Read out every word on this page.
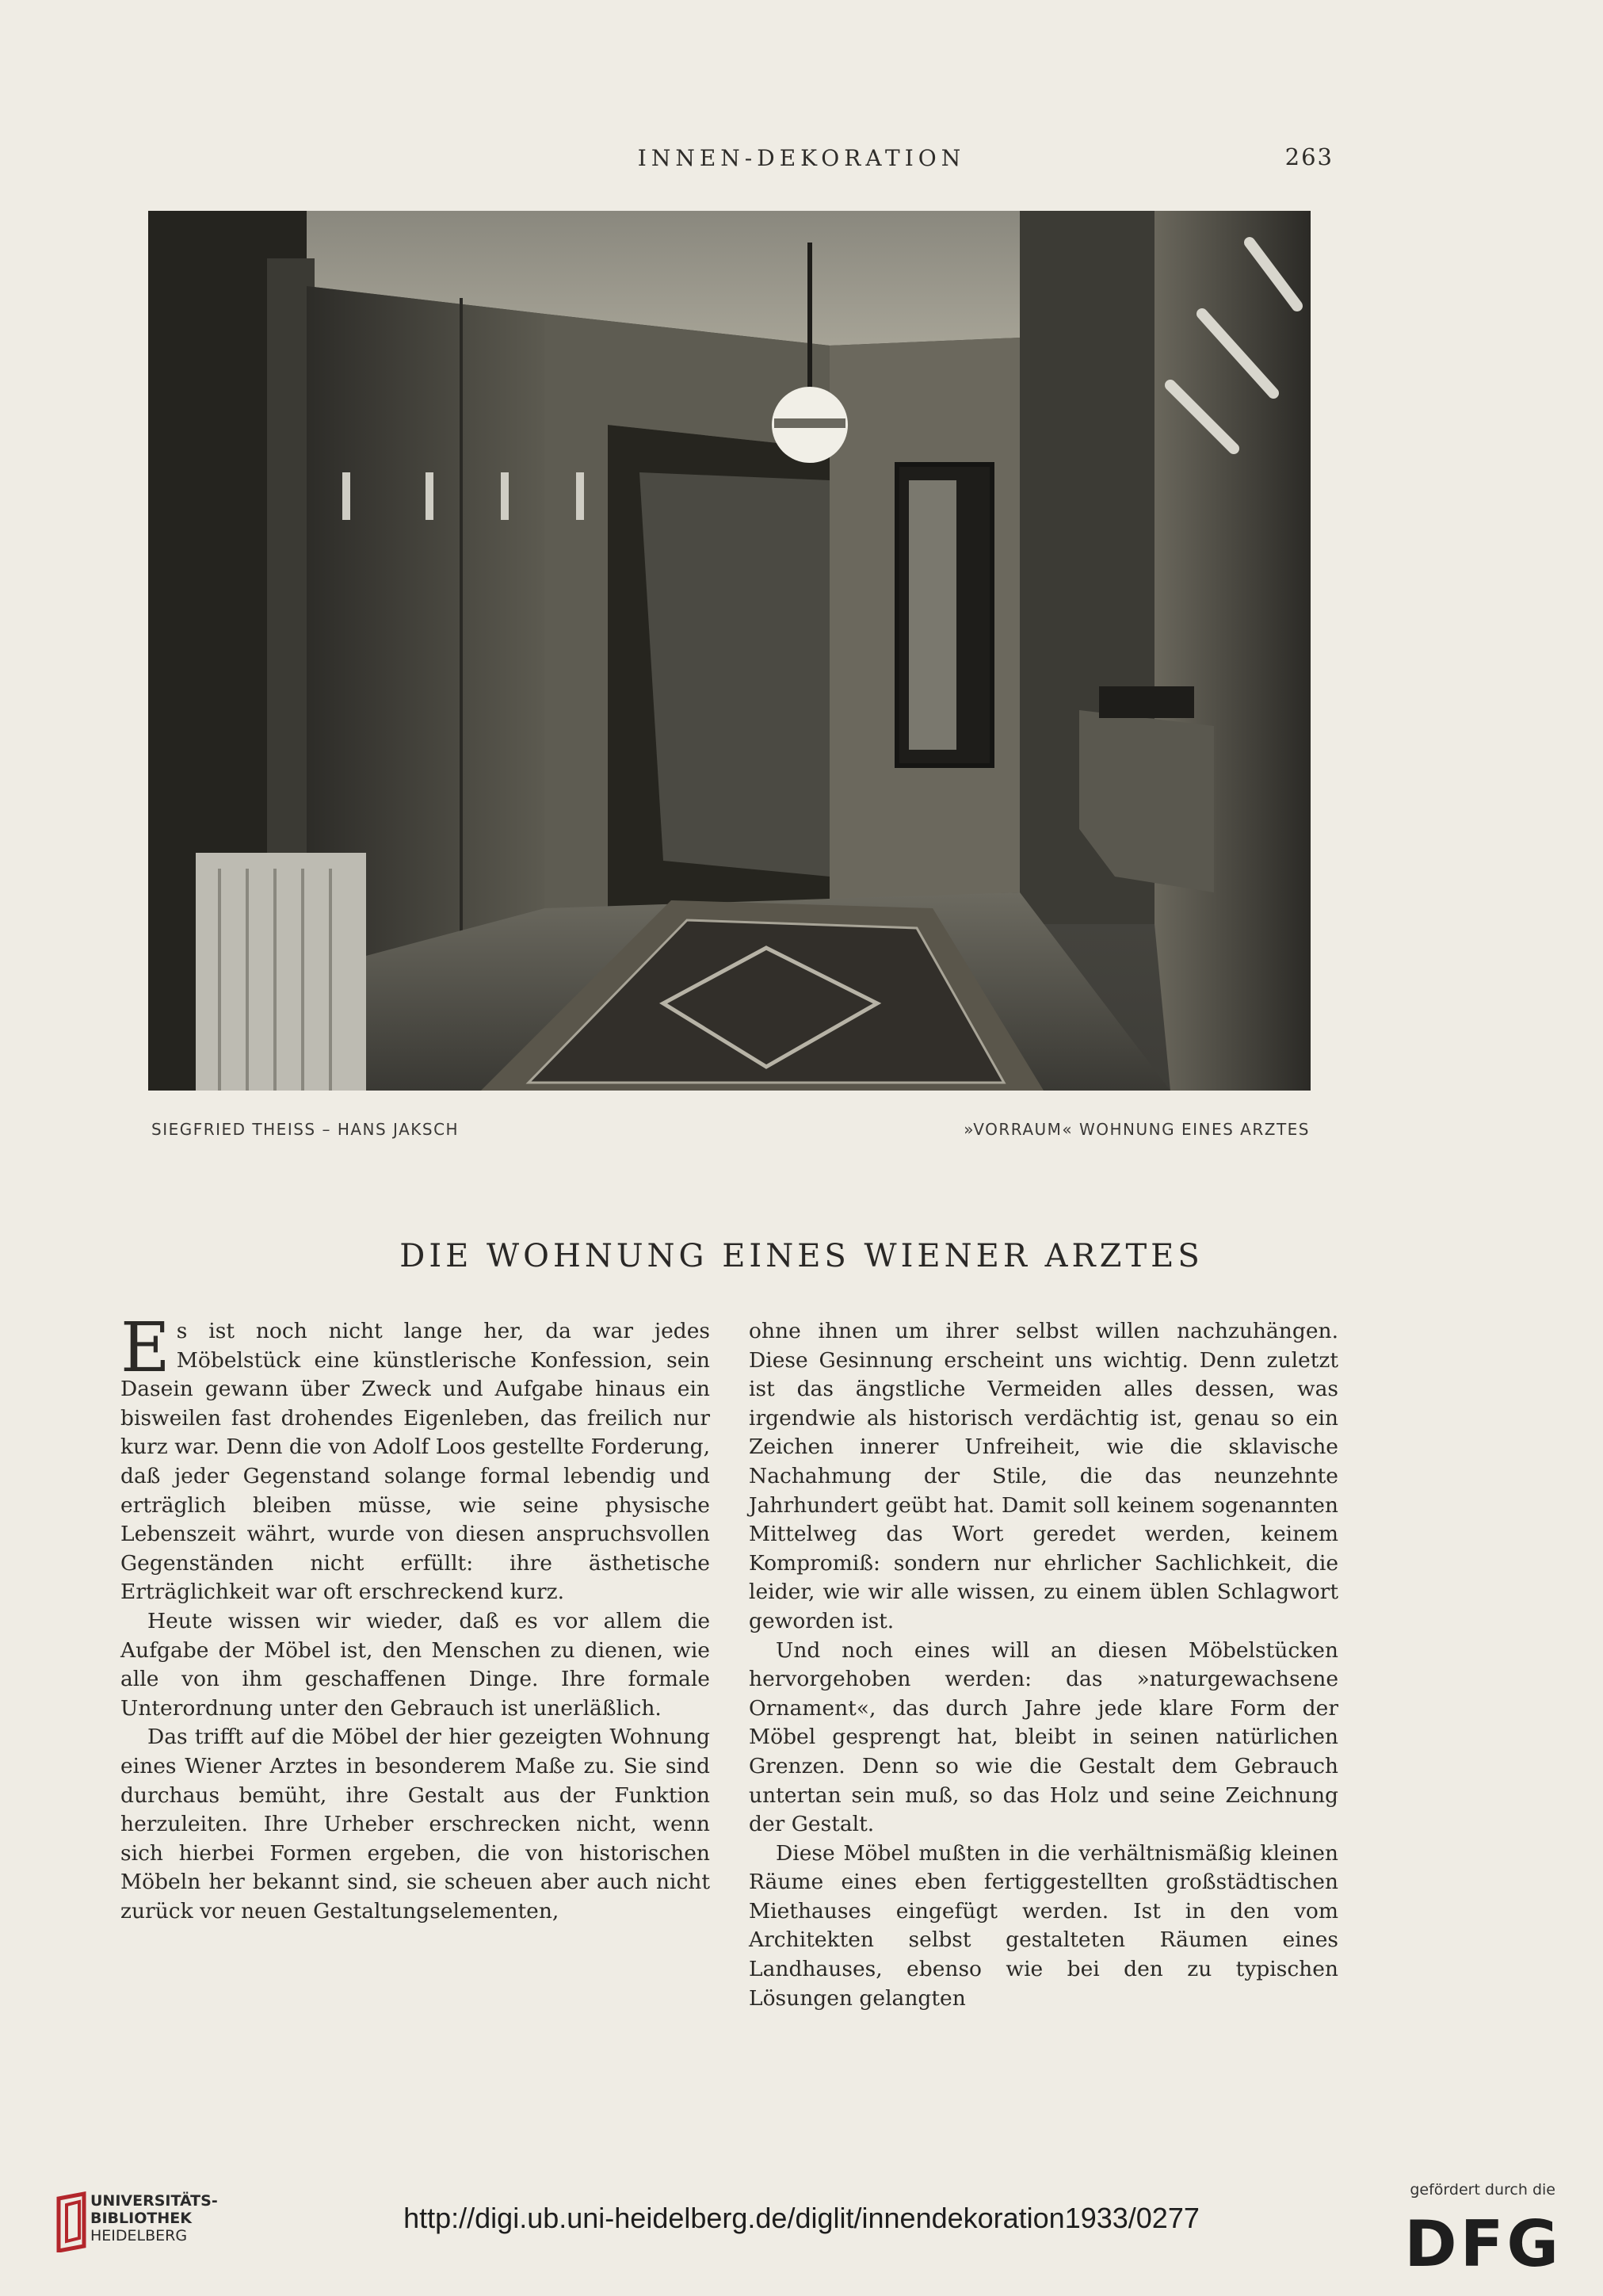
INNEN-DEKORATION	263
SIEGFRIED THEISS – HANS JAKSCH	»VORRAUM« WOHNUNG EINES ARZTES
DIE WOHNUNG EINES WIENER ARZTES

Es ist noch nicht lange her, da war jedes Möbelstück eine künstlerische Konfession, sein Dasein gewann über Zweck und Aufgabe hinaus ein bisweilen fast drohendes Eigenleben, das freilich nur kurz war. Denn die von Adolf Loos gestellte Forderung, daß jeder Gegenstand solange formal lebendig und erträglich bleiben müsse, wie seine physische Lebenszeit währt, wurde von diesen anspruchsvollen Gegenständen nicht erfüllt: ihre ästhetische Erträglichkeit war oft erschreckend kurz.

Heute wissen wir wieder, daß es vor allem die Aufgabe der Möbel ist, den Menschen zu dienen, wie alle von ihm geschaffenen Dinge. Ihre formale Unterordnung unter den Gebrauch ist unerläßlich.

Das trifft auf die Möbel der hier gezeigten Wohnung eines Wiener Arztes in besonderem Maße zu. Sie sind durchaus bemüht, ihre Gestalt aus der Funktion herzuleiten. Ihre Urheber erschrecken nicht, wenn sich hierbei Formen ergeben, die von historischen Möbeln her bekannt sind, sie scheuen aber auch nicht zurück vor neuen Gestaltungselementen,

ohne ihnen um ihrer selbst willen nachzuhängen. Diese Gesinnung erscheint uns wichtig. Denn zuletzt ist das ängstliche Vermeiden alles dessen, was irgendwie als historisch verdächtig ist, genau so ein Zeichen innerer Unfreiheit, wie die sklavische Nachahmung der Stile, die das neunzehnte Jahrhundert geübt hat. Damit soll keinem sogenannten Mittelweg das Wort geredet werden, keinem Kompromiß: sondern nur ehrlicher Sachlichkeit, die leider, wie wir alle wissen, zu einem üblen Schlagwort geworden ist.

Und noch eines will an diesen Möbelstücken hervorgehoben werden: das »naturgewachsene Ornament«, das durch Jahre jede klare Form der Möbel gesprengt hat, bleibt in seinen natürlichen Grenzen. Denn so wie die Gestalt dem Gebrauch untertan sein muß, so das Holz und seine Zeichnung der Gestalt.

Diese Möbel mußten in die verhältnismäßig kleinen Räume eines eben fertiggestellten großstädtischen Miethauses eingefügt werden. Ist in den vom Architekten selbst gestalteten Räumen eines Landhauses, ebenso wie bei den zu typischen Lösungen gelangten

UNIVERSITÄTS-
BIBLIOTHEK
HEIDELBERG
http://digi.ub.uni-heidelberg.de/diglit/innendekoration1933/0277
gefördert durch die
DFG
